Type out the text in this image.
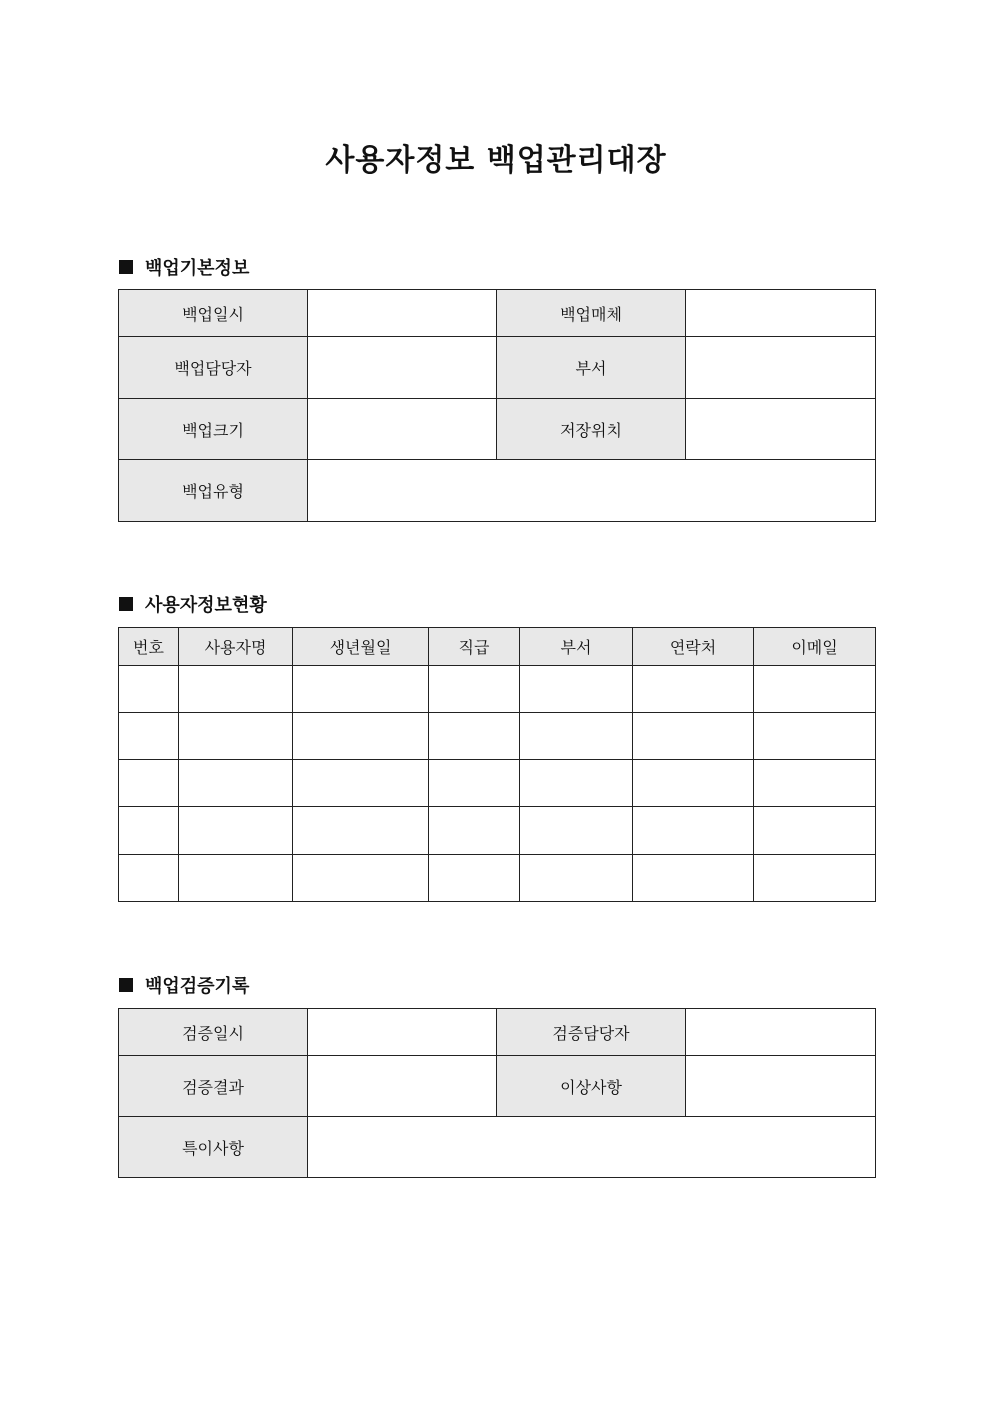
사용자정보 백업관리대장
백업기본정보
백업일시		백업매체	
백업담당자		부서	
백업크기		저장위치	
백업유형			
사용자정보현황
번호	사용자명	생년월일	직급	부서	연락처	이메일

백업검증기록
검증일시		검증담당자	
검증결과		이상사항	
특이사항			
